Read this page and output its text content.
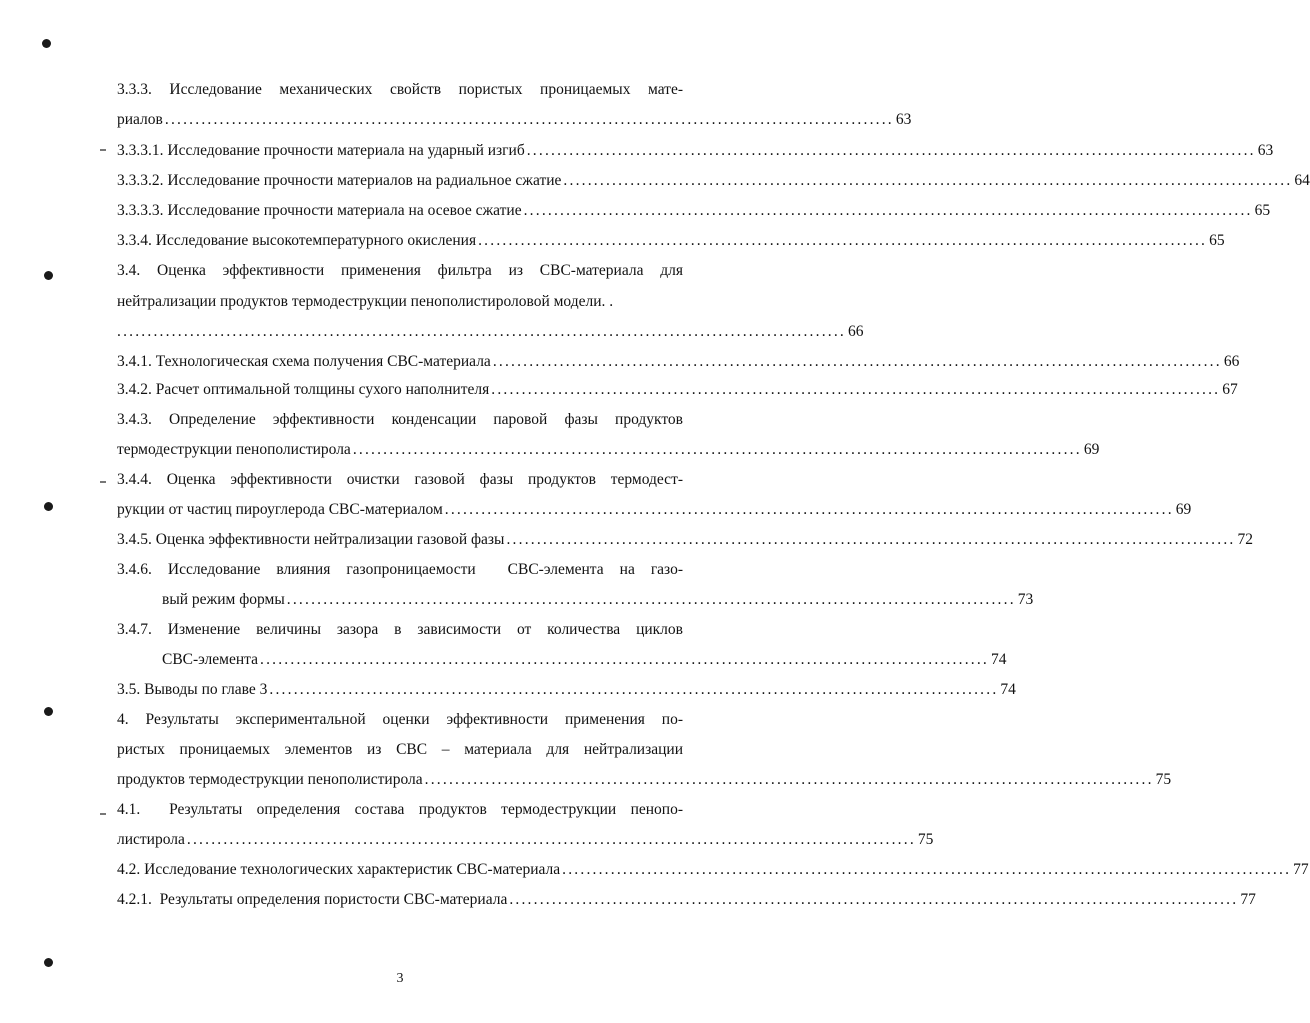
3.3.3. Исследование механических свойств пористых проницаемых мате-
риалов ........................................................................................................................ 63
3.3.3.1. Исследование прочности материала на ударный изгиб ........................................................................................................................ 63
3.3.3.2. Исследование прочности материалов на радиальное сжатие ........................................................................................................................ 64
3.3.3.3. Исследование прочности материала на осевое сжатие ........................................................................................................................ 65
3.3.4. Исследование высокотемпературного окисления ........................................................................................................................ 65
3.4. Оценка эффективности применения фильтра из СВС-материала для
нейтрализации продуктов термодеструкции пенополистироловой модели. .
........................................................................................................................ 66
3.4.1. Технологическая схема получения СВС-материала ........................................................................................................................ 66
3.4.2. Расчет оптимальной толщины сухого наполнителя ........................................................................................................................ 67
3.4.3. Определение эффективности конденсации паровой фазы продуктов
термодеструкции пенополистирола ........................................................................................................................ 69
3.4.4. Оценка эффективности очистки газовой фазы продуктов термодест-
рукции от частиц пироуглерода СВС-материалом ........................................................................................................................ 69
3.4.5. Оценка эффективности нейтрализации газовой фазы ........................................................................................................................ 72
3.4.6. Исследование влияния газопроницаемости  СВС-элемента на газо-
вый режим формы ........................................................................................................................ 73
3.4.7. Изменение величины зазора в зависимости от количества циклов
СВС-элемента ........................................................................................................................ 74
3.5. Выводы по главе 3 ........................................................................................................................ 74
4. Результаты экспериментальной оценки эффективности применения по-
ристых проницаемых элементов из СВС – материала для нейтрализации
продуктов термодеструкции пенополистирола ........................................................................................................................ 75
4.1.  Результаты определения состава продуктов термодеструкции пенопо-
листирола ........................................................................................................................ 75
4.2. Исследование технологических характеристик СВС-материала ........................................................................................................................ 77
4.2.1.  Результаты определения пористости СВС-материала ........................................................................................................................ 77
3
